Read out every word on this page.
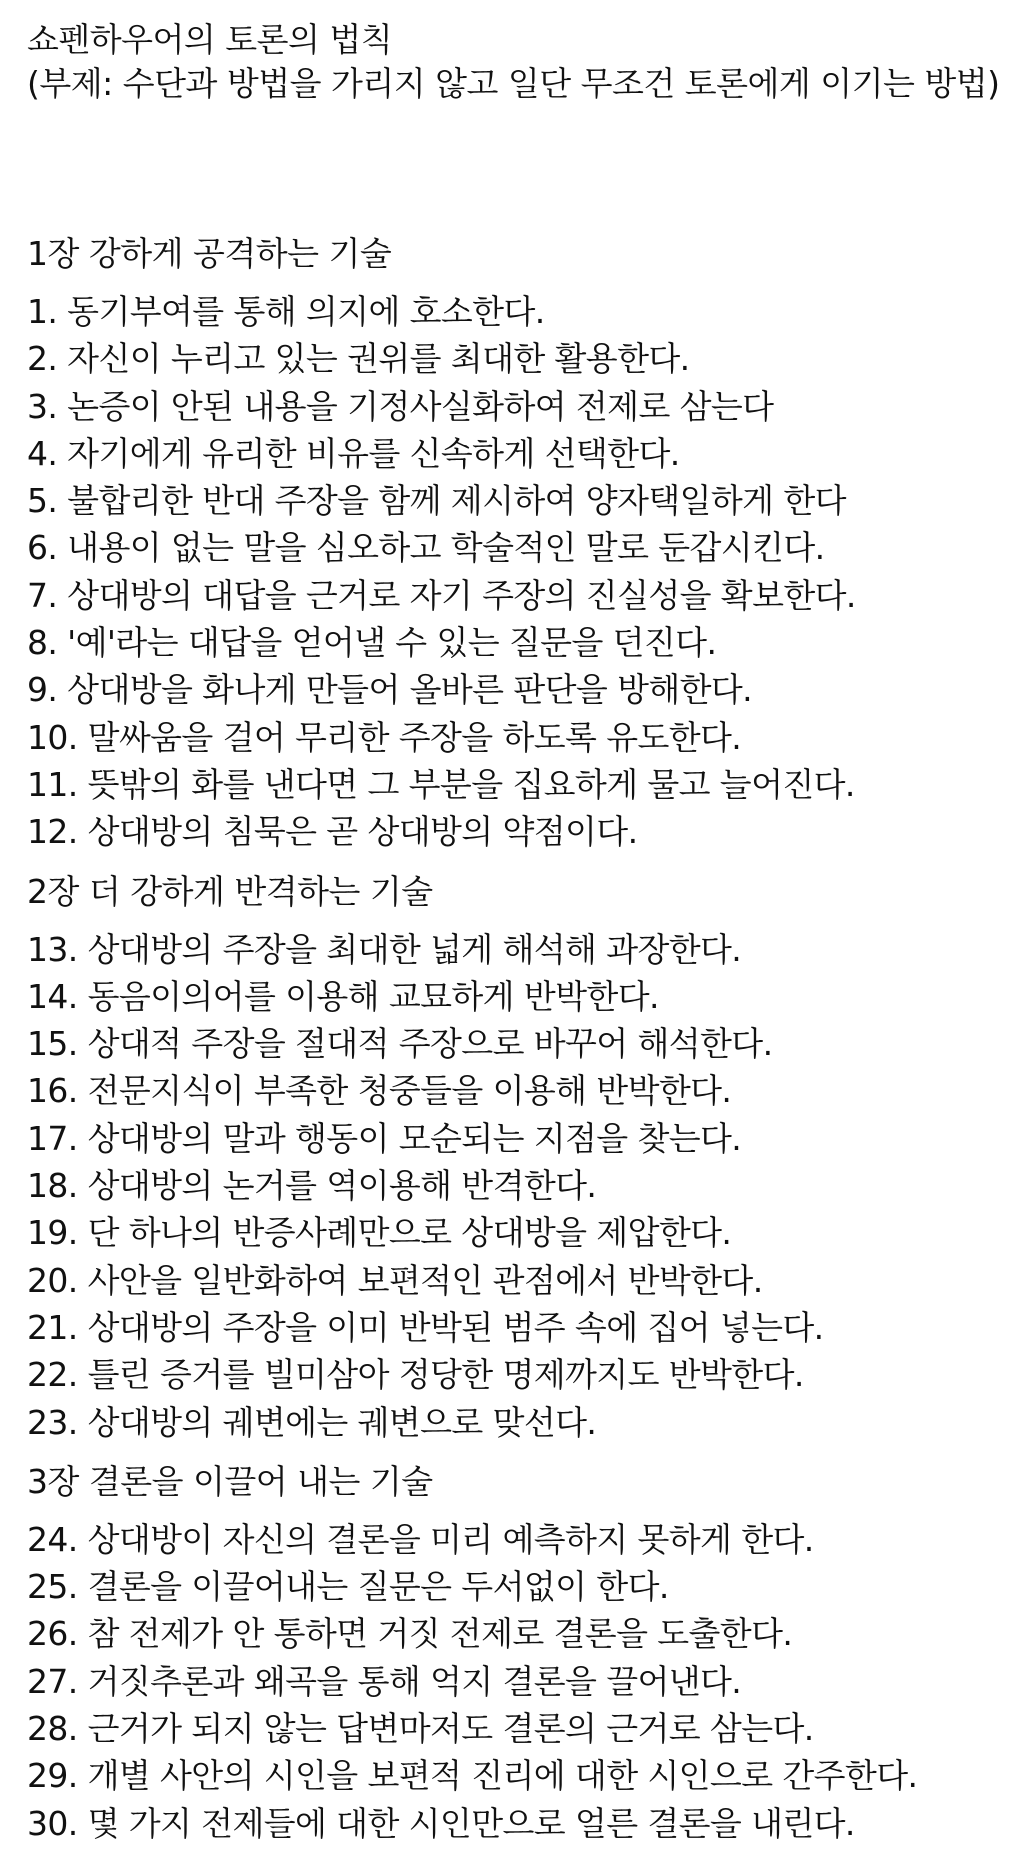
쇼펜하우어의 토론의 법칙
(부제: 수단과 방법을 가리지 않고 일단 무조건 토론에게 이기는 방법)
1장 강하게 공격하는 기술
1. 동기부여를 통해 의지에 호소한다.
2. 자신이 누리고 있는 권위를 최대한 활용한다.
3. 논증이 안된 내용을 기정사실화하여 전제로 삼는다
4. 자기에게 유리한 비유를 신속하게 선택한다.
5. 불합리한 반대 주장을 함께 제시하여 양자택일하게 한다
6. 내용이 없는 말을 심오하고 학술적인 말로 둔갑시킨다.
7. 상대방의 대답을 근거로 자기 주장의 진실성을 확보한다.
8. '예'라는 대답을 얻어낼 수 있는 질문을 던진다.
9. 상대방을 화나게 만들어 올바른 판단을 방해한다.
10. 말싸움을 걸어 무리한 주장을 하도록 유도한다.
11. 뜻밖의 화를 낸다면 그 부분을 집요하게 물고 늘어진다.
12. 상대방의 침묵은 곧 상대방의 약점이다.
2장 더 강하게 반격하는 기술
13. 상대방의 주장을 최대한 넓게 해석해 과장한다.
14. 동음이의어를 이용해 교묘하게 반박한다.
15. 상대적 주장을 절대적 주장으로 바꾸어 해석한다.
16. 전문지식이 부족한 청중들을 이용해 반박한다.
17. 상대방의 말과 행동이 모순되는 지점을 찾는다.
18. 상대방의 논거를 역이용해 반격한다.
19. 단 하나의 반증사례만으로 상대방을 제압한다.
20. 사안을 일반화하여 보편적인 관점에서 반박한다.
21. 상대방의 주장을 이미 반박된 범주 속에 집어 넣는다.
22. 틀린 증거를 빌미삼아 정당한 명제까지도 반박한다.
23. 상대방의 궤변에는 궤변으로 맞선다.
3장 결론을 이끌어 내는 기술
24. 상대방이 자신의 결론을 미리 예측하지 못하게 한다.
25. 결론을 이끌어내는 질문은 두서없이 한다.
26. 참 전제가 안 통하면 거짓 전제로 결론을 도출한다.
27. 거짓추론과 왜곡을 통해 억지 결론을 끌어낸다.
28. 근거가 되지 않는 답변마저도 결론의 근거로 삼는다.
29. 개별 사안의 시인을 보편적 진리에 대한 시인으로 간주한다.
30. 몇 가지 전제들에 대한 시인만으로 얼른 결론을 내린다.
